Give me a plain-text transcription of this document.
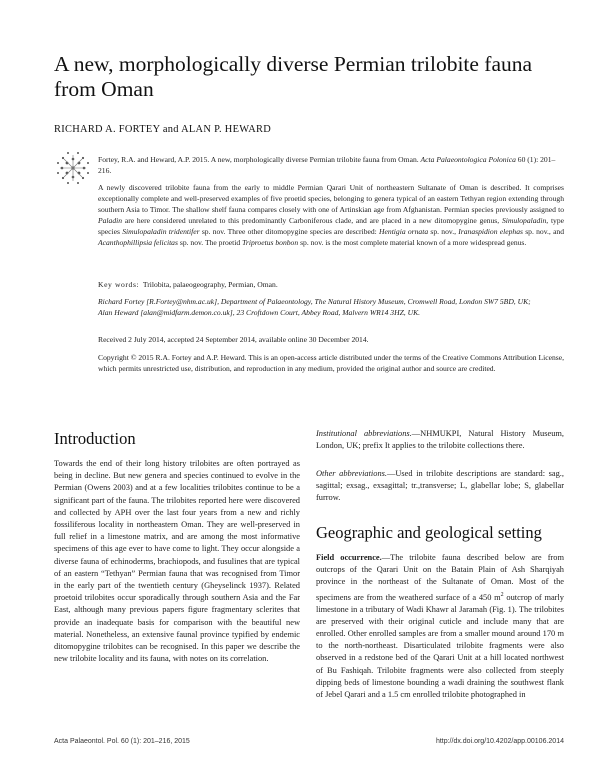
A new, morphologically diverse Permian trilobite fauna from Oman
RICHARD A. FORTEY and ALAN P. HEWARD
Fortey, R.A. and Heward, A.P. 2015. A new, morphologically diverse Permian trilobite fauna from Oman. Acta Palaeontologica Polonica 60 (1): 201–216.
A newly discovered trilobite fauna from the early to middle Permian Qarari Unit of northeastern Sultanate of Oman is described. It comprises exceptionally complete and well-preserved examples of five proetid species, belonging to genera typical of an eastern Tethyan region extending through southern Asia to Timor. The shallow shelf fauna compares closely with one of Artinskian age from Afghanistan. Permian species previously assigned to Paladin are here considered unrelated to this predominantly Carboniferous clade, and are placed in a new ditomopygine genus, Simulopaladin, type species Simulopaladin tridentifer sp. nov. Three other ditomopygine species are described: Hentigia ornata sp. nov., Iranaspidion elephas sp. nov., and Acanthophillipsia felicitas sp. nov. The proetid Triproetus bonbon sp. nov. is the most complete material known of a more widespread genus.
Key words: Trilobita, palaeogeography, Permian, Oman.
Richard Fortey [R.Fortey@nhm.ac.uk], Department of Palaeontology, The Natural History Museum, Cromwell Road, London SW7 5BD, UK;
Alan Heward [alan@midfarm.demon.co.uk], 23 Croftdown Court, Abbey Road, Malvern WR14 3HZ, UK.
Received 2 July 2014, accepted 24 September 2014, available online 30 December 2014.
Copyright © 2015 R.A. Fortey and A.P. Heward. This is an open-access article distributed under the terms of the Creative Commons Attribution License, which permits unrestricted use, distribution, and reproduction in any medium, provided the original author and source are credited.
Introduction
Towards the end of their long history trilobites are often portrayed as being in decline. But new genera and species continued to evolve in the Permian (Owens 2003) and at a few localities trilobites continue to be a significant part of the fauna. The trilobites reported here were discovered and collected by APH over the last four years from a new and richly fossiliferous locality in northeastern Oman. They are well-preserved in full relief in a limestone matrix, and are among the most informative specimens of this age ever to have come to light. They occur alongside a diverse fauna of echinoderms, brachiopods, and fusulines that are typical of an eastern “Tethyan” Permian fauna that was recognised from Timor in the early part of the twentieth century (Gheyselinck 1937). Related proetoid trilobites occur sporadically through southern Asia and the Far East, although many previous papers figure fragmentary sclerites that provide an inadequate basis for comparison with the beautiful new material. Nonetheless, an extensive faunal province typified by endemic ditomopygine trilobites can be recognised. In this paper we describe the new trilobite locality and its fauna, with notes on its correlation.
Institutional abbreviations.—NHMUKPI, Natural History Museum, London, UK; prefix It applies to the trilobite collections there.
Other abbreviations.—Used in trilobite descriptions are standard: sag., sagittal; exsag., exsagittal; tr.,transverse; L, glabellar lobe; S, glabellar furrow.
Geographic and geological setting
Field occurrence.—The trilobite fauna described below are from outcrops of the Qarari Unit on the Batain Plain of Ash Sharqiyah province in the northeast of the Sultanate of Oman. Most of the specimens are from the weathered surface of a 450 $m^2$ outcrop of marly limestone in a tributary of Wadi Khawr al Jaramah (Fig. 1). The trilobites are preserved with their original cuticle and include many that are enrolled. Other enrolled samples are from a smaller mound around 170 m to the north-northeast. Disarticulated trilobite fragments were also observed in a redstone bed of the Qarari Unit at a hill located northwest of Bu Fashiqah. Trilobite fragments were also collected from steeply dipping beds of limestone bounding a wadi draining the southwest flank of Jebel Qarari and a 1.5 cm enrolled trilobite photographed in
Acta Palaeontol. Pol. 60 (1): 201–216, 2015	http://dx.doi.org/10.4202/app.00106.2014
